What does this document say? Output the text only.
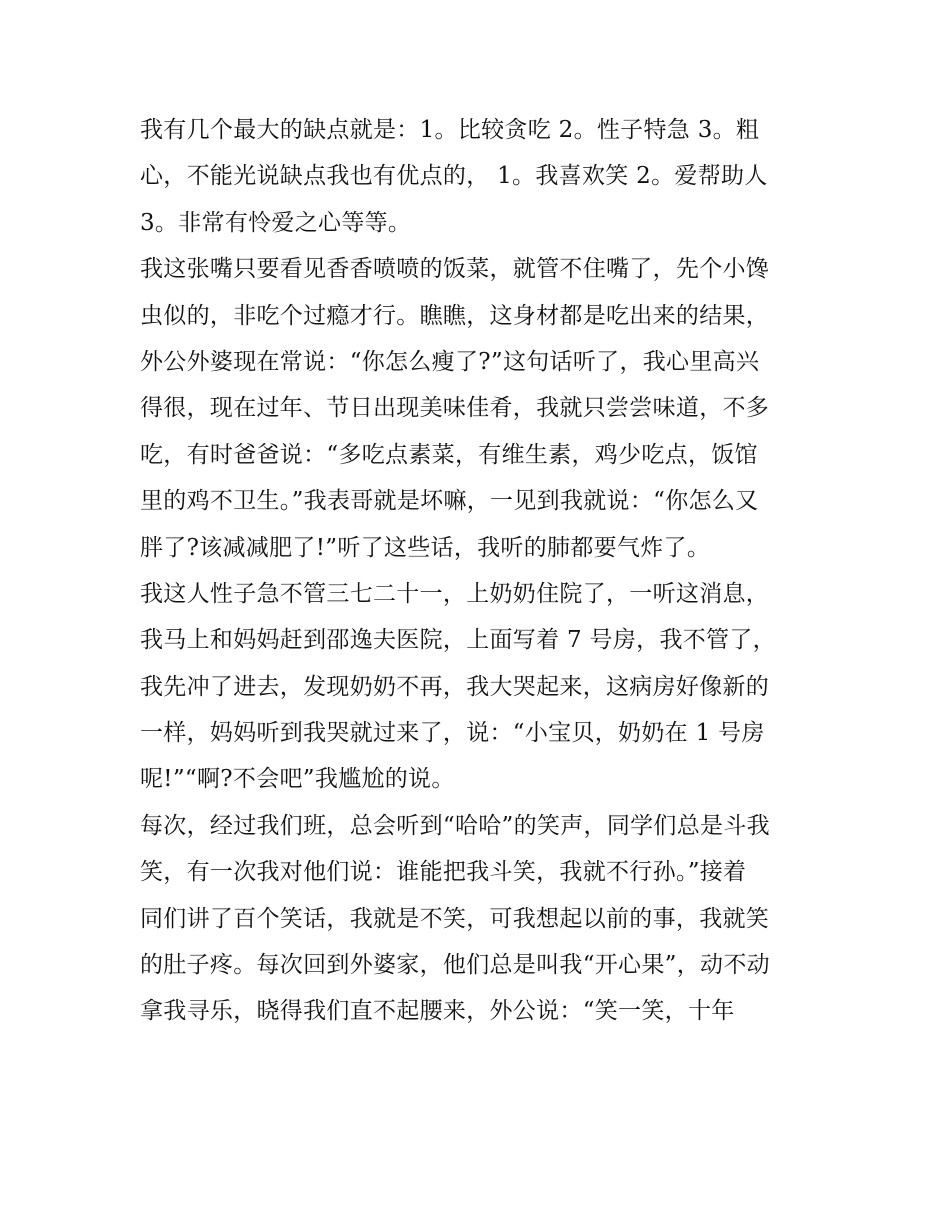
我有几个最大的缺点就是：1。比较贪吃 2。性子特急 3。粗
心，不能光说缺点我也有优点的， 1。我喜欢笑 2。爱帮助人
3。非常有怜爱之心等等。
我这张嘴只要看见香香喷喷的饭菜，就管不住嘴了，先个小馋
虫似的，非吃个过瘾才行。瞧瞧，这身材都是吃出来的结果，
外公外婆现在常说：“你怎么瘦了?”这句话听了，我心里高兴
得很，现在过年、节日出现美味佳肴，我就只尝尝味道，不多
吃，有时爸爸说：“多吃点素菜，有维生素，鸡少吃点，饭馆
里的鸡不卫生。”我表哥就是坏嘛，一见到我就说：“你怎么又
胖了?该减减肥了!”听了这些话，我听的肺都要气炸了。
我这人性子急不管三七二十一，上奶奶住院了，一听这消息，
我马上和妈妈赶到邵逸夫医院，上面写着 7 号房，我不管了，
我先冲了进去，发现奶奶不再，我大哭起来，这病房好像新的
一样，妈妈听到我哭就过来了，说：“小宝贝，奶奶在 1 号房
呢!”“啊?不会吧”我尴尬的说。
每次，经过我们班，总会听到“哈哈”的笑声，同学们总是斗我
笑，有一次我对他们说：谁能把我斗笑，我就不行孙。”接着
同们讲了百个笑话，我就是不笑，可我想起以前的事，我就笑
的肚子疼。每次回到外婆家，他们总是叫我“开心果”，动不动
拿我寻乐，晓得我们直不起腰来，外公说：“笑一笑，十年
